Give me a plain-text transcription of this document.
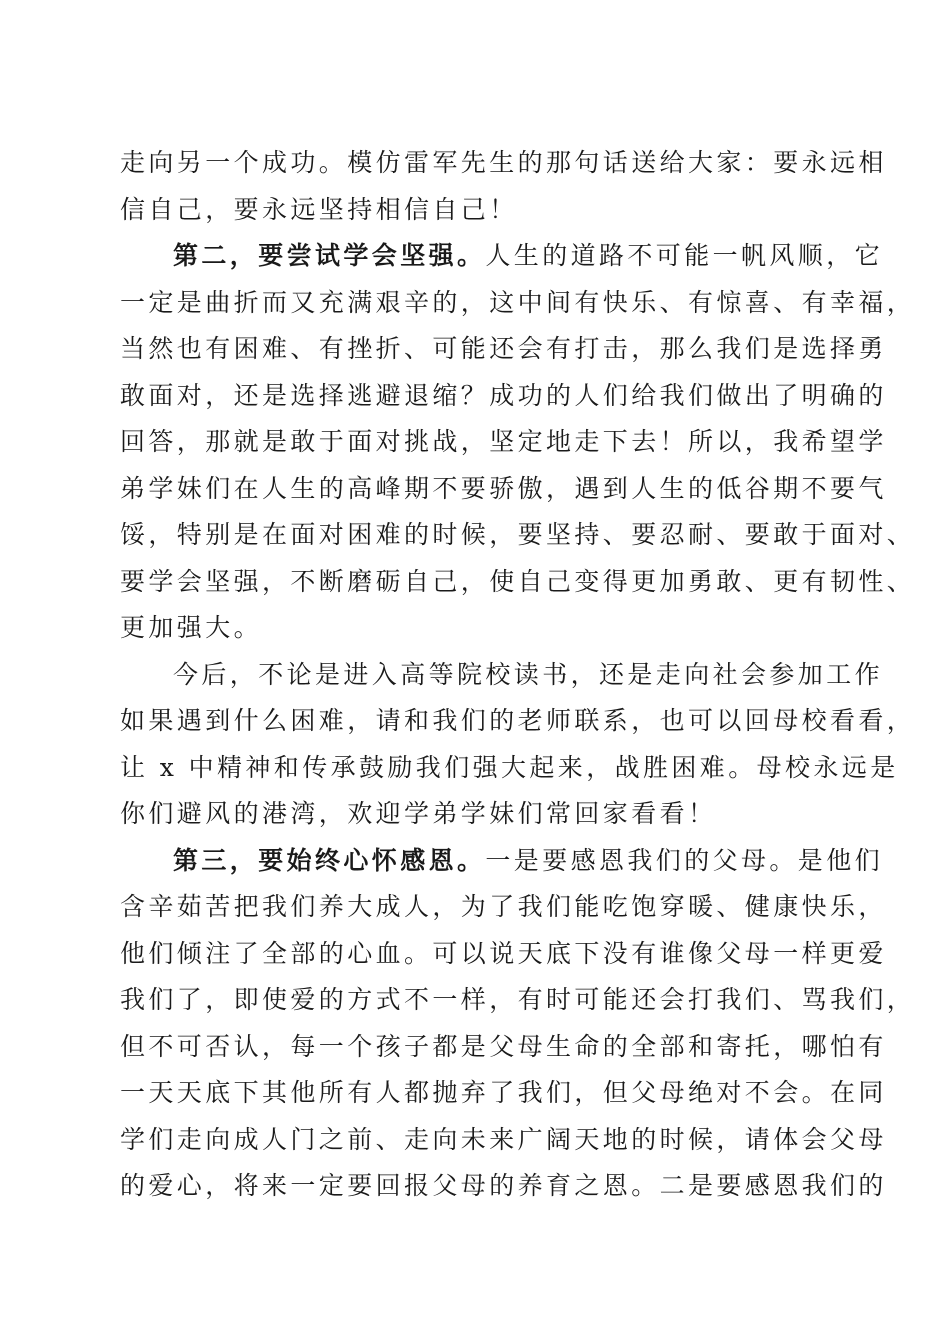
走向另一个成功。模仿雷军先生的那句话送给大家：要永远相
信自己，要永远坚持相信自己！
第二，要尝试学会坚强。人生的道路不可能一帆风顺，它
一定是曲折而又充满艰辛的，这中间有快乐、有惊喜、有幸福，
当然也有困难、有挫折、可能还会有打击，那么我们是选择勇
敢面对，还是选择逃避退缩？成功的人们给我们做出了明确的
回答，那就是敢于面对挑战，坚定地走下去！所以，我希望学
弟学妹们在人生的高峰期不要骄傲，遇到人生的低谷期不要气
馁，特别是在面对困难的时候，要坚持、要忍耐、要敢于面对、
要学会坚强，不断磨砺自己，使自己变得更加勇敢、更有韧性、
更加强大。
今后，不论是进入高等院校读书，还是走向社会参加工作
如果遇到什么困难，请和我们的老师联系，也可以回母校看看，
让 x 中精神和传承鼓励我们强大起来，战胜困难。母校永远是
你们避风的港湾，欢迎学弟学妹们常回家看看！
第三，要始终心怀感恩。一是要感恩我们的父母。是他们
含辛茹苦把我们养大成人，为了我们能吃饱穿暖、健康快乐，
他们倾注了全部的心血。可以说天底下没有谁像父母一样更爱
我们了，即使爱的方式不一样，有时可能还会打我们、骂我们，
但不可否认，每一个孩子都是父母生命的全部和寄托，哪怕有
一天天底下其他所有人都抛弃了我们，但父母绝对不会。在同
学们走向成人门之前、走向未来广阔天地的时候，请体会父母
的爱心，将来一定要回报父母的养育之恩。二是要感恩我们的
